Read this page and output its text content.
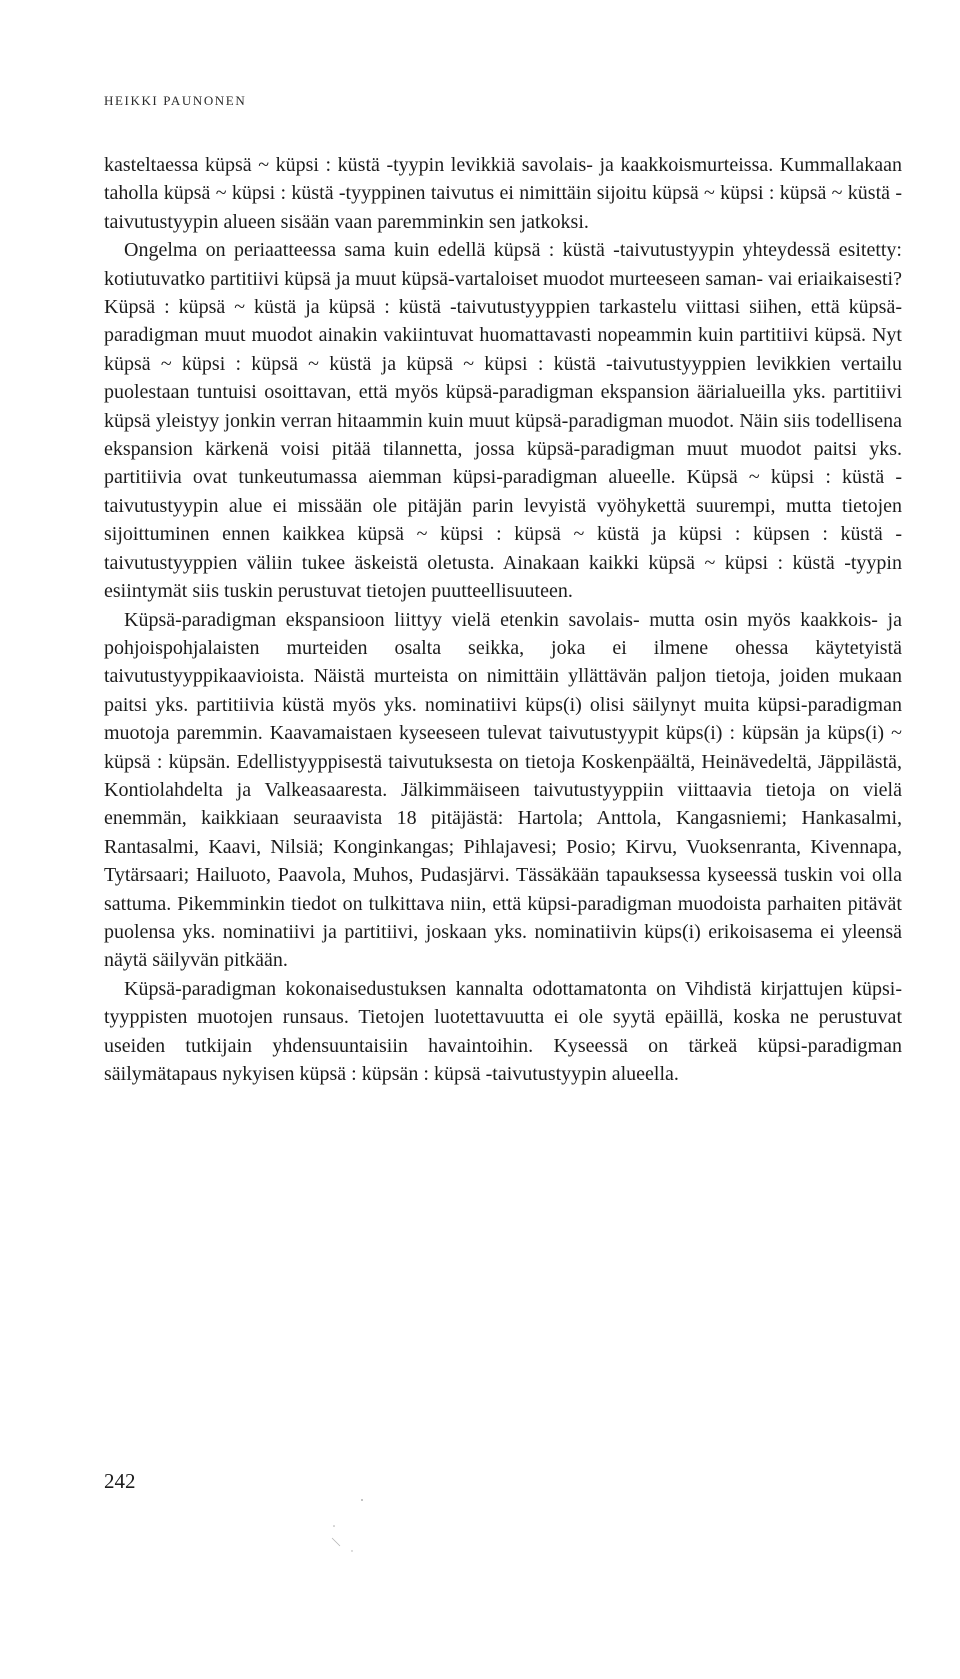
HEIKKI PAUNONEN

kasteltaessa küpsä ~ küpsi : küstä -tyypin levikkiä savolais- ja kaakkoismurteissa. Kummallakaan taholla küpsä ~ küpsi : küstä -tyyppinen taivutus ei nimittäin sijoitu küpsä ~ küpsi : küpsä ~ küstä -taivutustyypin alueen sisään vaan paremminkin sen jatkoksi.

Ongelma on periaatteessa sama kuin edellä küpsä : küstä -taivutustyypin yhteydessä esitetty: kotiutuvatko partitiivi küpsä ja muut küpsä-vartaloiset muodot murteeseen saman- vai eriaikaisesti? Küpsä : küpsä ~ küstä ja küpsä : küstä -taivutustyyppien tarkastelu viittasi siihen, että küpsä-paradigman muut muodot ainakin vakiintuvat huomattavasti nopeammin kuin partitiivi küpsä. Nyt küpsä ~ küpsi : küpsä ~ küstä ja küpsä ~ küpsi : küstä -taivutustyyppien levikkien vertailu puolestaan tuntuisi osoittavan, että myös küpsä-paradigman ekspansion äärialueilla yks. partitiivi küpsä yleistyy jonkin verran hitaammin kuin muut küpsä-paradigman muodot. Näin siis todellisena ekspansion kärkenä voisi pitää tilannetta, jossa küpsä-paradigman muut muodot paitsi yks. partitiivia ovat tunkeutumassa aiemman küpsi-paradigman alueelle. Küpsä ~ küpsi : küstä -taivutustyypin alue ei missään ole pitäjän parin levyistä vyöhykettä suurempi, mutta tietojen sijoittuminen ennen kaikkea küpsä ~ küpsi : küpsä ~ küstä ja küpsi : küpsen : küstä -taivutustyyppien väliin tukee äskeistä oletusta. Ainakaan kaikki küpsä ~ küpsi : küstä -tyypin esiintymät siis tuskin perustuvat tietojen puutteellisuuteen.

Küpsä-paradigman ekspansioon liittyy vielä etenkin savolais- mutta osin myös kaakkois- ja pohjoispohjalaisten murteiden osalta seikka, joka ei ilmene ohessa käytetyistä taivutustyyppikaavioista. Näistä murteista on nimittäin yllättävän paljon tietoja, joiden mukaan paitsi yks. partitiivia küstä myös yks. nominatiivi küps(i) olisi säilynyt muita küpsi-paradigman muotoja paremmin. Kaavamaistaen kyseeseen tulevat taivutustyypit küps(i) : küpsän ja küps(i) ~ küpsä : küpsän. Edellistyyppisestä taivutuksesta on tietoja Koskenpäältä, Heinävedeltä, Jäppilästä, Kontiolahdelta ja Valkeasaaresta. Jälkimmäiseen taivutustyyppiin viittaavia tietoja on vielä enemmän, kaikkiaan seuraavista 18 pitäjästä: Hartola; Anttola, Kangasniemi; Hankasalmi, Rantasalmi, Kaavi, Nilsiä; Konginkangas; Pihlajavesi; Posio; Kirvu, Vuoksenranta, Kivennapa, Tytärsaari; Hailuoto, Paavola, Muhos, Pudasjärvi. Tässäkään tapauksessa kyseessä tuskin voi olla sattuma. Pikemminkin tiedot on tulkittava niin, että küpsi-paradigman muodoista parhaiten pitävät puolensa yks. nominatiivi ja partitiivi, joskaan yks. nominatiivin küps(i) erikoisasema ei yleensä näytä säilyvän pitkään.

Küpsä-paradigman kokonaisedustuksen kannalta odottamatonta on Vihdistä kirjattujen küpsi-tyyppisten muotojen runsaus. Tietojen luotettavuutta ei ole syytä epäillä, koska ne perustuvat useiden tutkijain yhdensuuntaisiin havaintoihin. Kyseessä on tärkeä küpsi-paradigman säilymätapaus nykyisen küpsä : küpsän : küpsä -taivutustyypin alueella.

242
